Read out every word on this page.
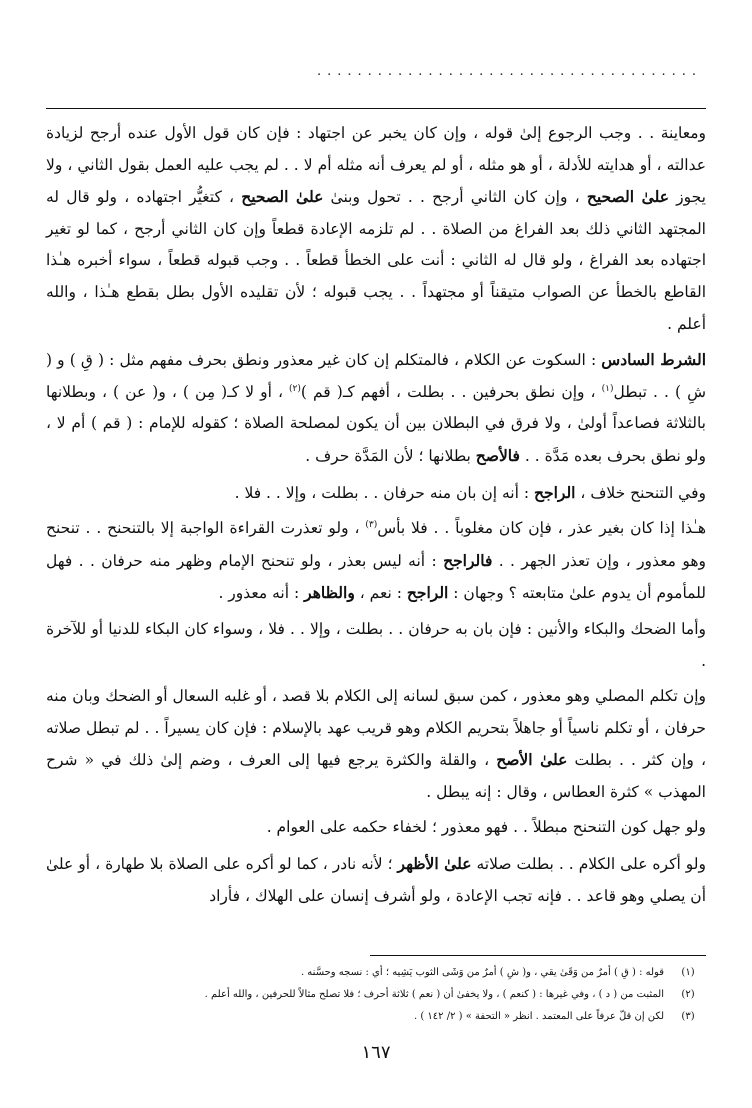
......................................

ومعاينة . . وجب الرجوع إلىٰ قوله ، وإن كان يخبر عن اجتهاد : فإن كان قول الأول عنده أرجح لزيادة عدالته ، أو هدايته للأدلة ، أو هو مثله ، أو لم يعرف أنه مثله أم لا . . لم يجب عليه العمل بقول الثاني ، ولا يجوز علىٰ الصحيح ، وإن كان الثاني أرجح . . تحول وبنىٰ علىٰ الصحيح ، كتغيُّر اجتهاده ، ولو قال له المجتهد الثاني ذلك بعد الفراغ من الصلاة . . لم تلزمه الإعادة قطعاً وإن كان الثاني أرجح ، كما لو تغير اجتهاده بعد الفراغ ، ولو قال له الثاني : أنت على الخطأ قطعاً . . وجب قبوله قطعاً ، سواء أخبره هـٰذا القاطع بالخطأ عن الصواب متيقناً أو مجتهداً . . يجب قبوله ؛ لأن تقليده الأول بطل بقطع هـٰذا ، والله أعلم .

الشرط السادس : السكوت عن الكلام ، فالمتكلم إن كان غير معذور ونطق بحرف مفهم مثل : ( قِ ) و ( شِ ) . . تبطل$^{(١)}$ ، وإن نطق بحرفين . . بطلت ، أفهم كـ( قم )$^{(٢)}$ ، أو لا كـ( مِن ) ، و( عن ) ، وبطلانها بالثلاثة فصاعداً أولىٰ ، ولا فرق في البطلان بين أن يكون لمصلحة الصلاة ؛ كقوله للإمام : ( قم ) أم لا ، ولو نطق بحرف بعده مَدَّة . . فالأصح بطلانها ؛ لأن المَدَّة حرف .

وفي التنحنح خلاف ، الراجح : أنه إن بان منه حرفان . . بطلت ، وإلا . . فلا .

هـٰذا إذا كان بغير عذر ، فإن كان مغلوباً . . فلا بأس$^{(٣)}$ ، ولو تعذرت القراءة الواجبة إلا بالتنحنح . . تنحنح وهو معذور ، وإن تعذر الجهر . . فالراجح : أنه ليس بعذر ، ولو تنحنح الإمام وظهر منه حرفان . . فهل للمأموم أن يدوم علىٰ متابعته ؟ وجهان : الراجح : نعم ، والظاهر : أنه معذور .

وأما الضحك والبكاء والأنين : فإن بان به حرفان . . بطلت ، وإلا . . فلا ، وسواء كان البكاء للدنيا أو للآخرة .

وإن تكلم المصلي وهو معذور ، كمن سبق لسانه إلى الكلام بلا قصد ، أو غلبه السعال أو الضحك وبان منه حرفان ، أو تكلم ناسياً أو جاهلاً بتحريم الكلام وهو قريب عهد بالإسلام : فإن كان يسيراً . . لم تبطل صلاته ، وإن كثر . . بطلت علىٰ الأصح ، والقلة والكثرة يرجع فيها إلى العرف ، وضم إلىٰ ذلك في « شرح المهذب » كثرة العطاس ، وقال : إنه يبطل .

ولو جهل كون التنحنح مبطلاً . . فهو معذور ؛ لخفاء حكمه على العوام .

ولو أكره على الكلام . . بطلت صلاته علىٰ الأظهر ؛ لأنه نادر ، كما لو أكره على الصلاة بلا طهارة ، أو علىٰ أن يصلي وهو قاعد . . فإنه تجب الإعادة ، ولو أشرف إنسان على الهلاك ، فأراد

(١)
قوله : ( قِ ) أمرٌ من وَقَىٰ يقي ، و( شِ ) أمرٌ من وَشَى الثوب يَشِيه ؛ أي : نسجه وحسَّنه .
(٢)
المثبت من ( د ) ، وفي غيرها : ( كنعم ) ، ولا يخفىٰ أن ( نعم ) ثلاثة أحرف ؛ فلا تصلح مثالاً للحرفين ، والله أعلم .
(٣)
لكن إن قلّ عرفاً على المعتمد . انظر « التحفة » ( ٢/ ١٤٢ ) .
١٦٧
